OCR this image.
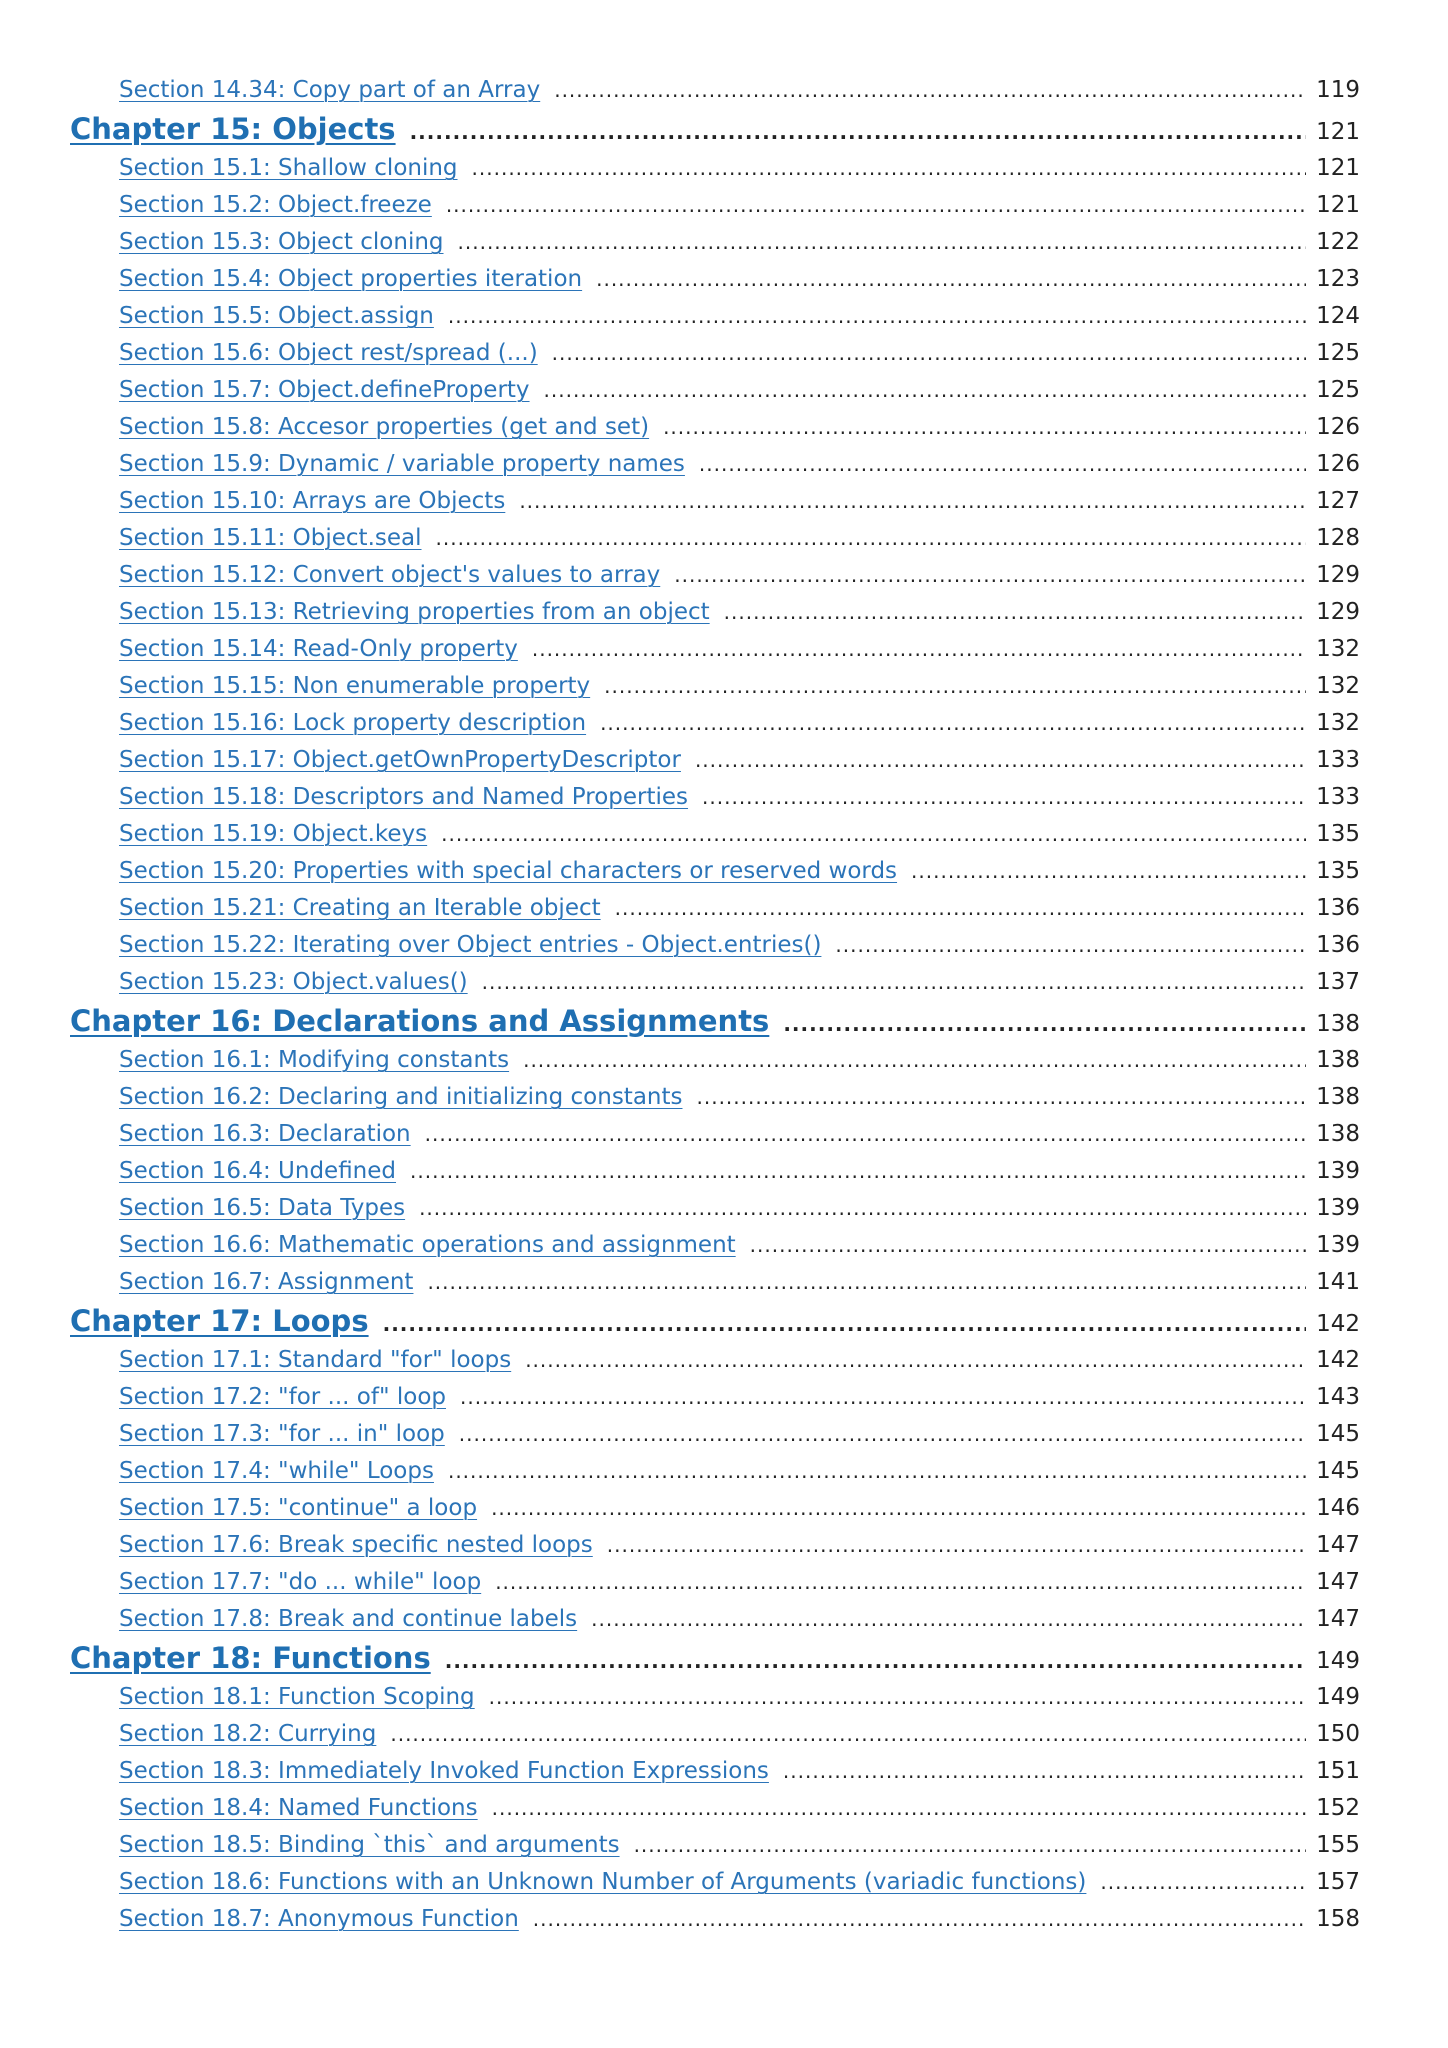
Section 14.34: Copy part of an Array .....	119
Chapter 15: Objects .....	121
Section 15.1: Shallow cloning .....	121
Section 15.2: Object.freeze .....	121
Section 15.3: Object cloning .....	122
Section 15.4: Object properties iteration .....	123
Section 15.5: Object.assign .....	124
Section 15.6: Object rest/spread (...) .....	125
Section 15.7: Object.defineProperty .....	125
Section 15.8: Accesor properties (get and set) .....	126
Section 15.9: Dynamic / variable property names .....	126
Section 15.10: Arrays are Objects .....	127
Section 15.11: Object.seal .....	128
Section 15.12: Convert object's values to array .....	129
Section 15.13: Retrieving properties from an object .....	129
Section 15.14: Read-Only property .....	132
Section 15.15: Non enumerable property .....	132
Section 15.16: Lock property description .....	132
Section 15.17: Object.getOwnPropertyDescriptor .....	133
Section 15.18: Descriptors and Named Properties .....	133
Section 15.19: Object.keys .....	135
Section 15.20: Properties with special characters or reserved words .....	135
Section 15.21: Creating an Iterable object .....	136
Section 15.22: Iterating over Object entries - Object.entries() .....	136
Section 15.23: Object.values() .....	137
Chapter 16: Declarations and Assignments .....	138
Section 16.1: Modifying constants .....	138
Section 16.2: Declaring and initializing constants .....	138
Section 16.3: Declaration .....	138
Section 16.4: Undefined .....	139
Section 16.5: Data Types .....	139
Section 16.6: Mathematic operations and assignment .....	139
Section 16.7: Assignment .....	141
Chapter 17: Loops .....	142
Section 17.1: Standard "for" loops .....	142
Section 17.2: "for ... of" loop .....	143
Section 17.3: "for ... in" loop .....	145
Section 17.4: "while" Loops .....	145
Section 17.5: "continue" a loop .....	146
Section 17.6: Break specific nested loops .....	147
Section 17.7: "do ... while" loop .....	147
Section 17.8: Break and continue labels .....	147
Chapter 18: Functions .....	149
Section 18.1: Function Scoping .....	149
Section 18.2: Currying .....	150
Section 18.3: Immediately Invoked Function Expressions .....	151
Section 18.4: Named Functions .....	152
Section 18.5: Binding `this` and arguments .....	155
Section 18.6: Functions with an Unknown Number of Arguments (variadic functions) .....	157
Section 18.7: Anonymous Function .....	158
